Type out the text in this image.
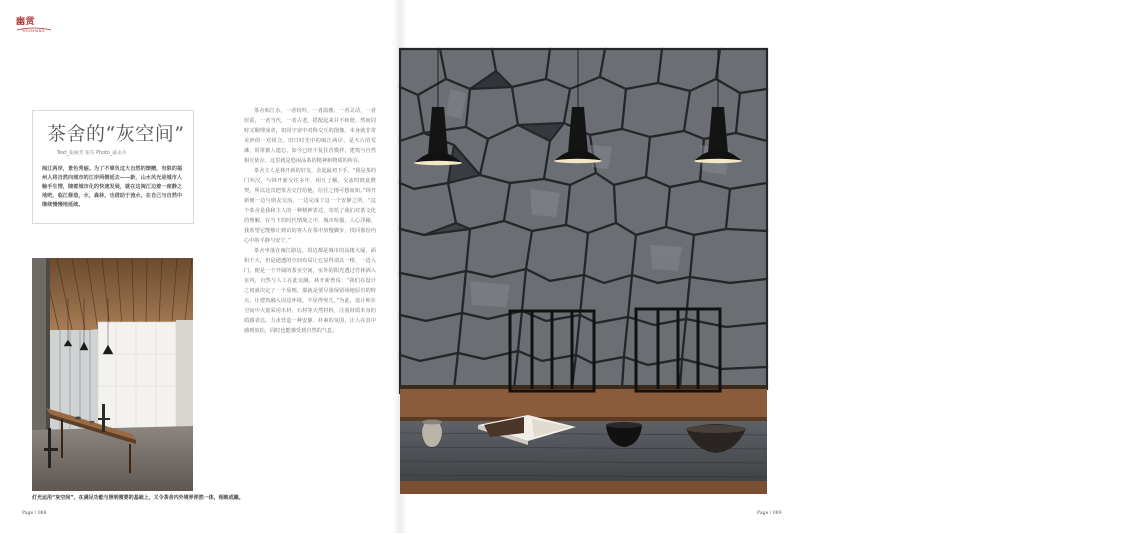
幽赏
YOUSHANG
茶舍的“灰空间”
Text_张丽芳 张芬 Photo_戚永兵
闽江两岸，景色秀丽。为了不辜负这大自然的馈赠，有限的福州人将自然向城市的江岸两侧延去——新，山水风光是城市人触手生情，随着城市化的快速发展，就在这闽江边着一座静之地吧，临江修造，水，森林，也借助于流水，在自己与自然中继续慢慢地延续。
灯光运用“灰空间”，在满足功能与照明需要的基础上，又令茶舍内外境界浑然一体，相映成趣。

茶舍和江水，一者较吟，一者温雅；一者灵动，一者厚重，一者当代，一者古老。搭配起来并不和谐，然而同时又顺理成章，如同宇宙中对称交互的图像，本身就非常美妙的一对组合。旧日时光中的闽江两岸，是大片的荒滩，时常被人遗忘，如今已经不复往昔模样，建筑与自然相互依存，这里就是悠闲品茶的精神和物质的所在。

茶舍主人是林开新的好友，念起最初下手，“我是茶的门外汉，与林开新交往多年，相互了解，交流时彼此默契，所以这次把茶舍交付给他，信任之情可想而知。”林开新便一边与朋友交流，一边完成了这一个安静之所。“这个茶舍是我和主人的一种精神表达，寄托了我们对茶文化的理解，在当下的时代情境之中，城市喧嚣，人心浮躁，我希望它能够让到访的客人在茶中放慢脚步，找回那份内心中的平静与安宁。”

茶舍坐落在闽江路边，周边都是城市的高楼大厦，面积不大，但是通透的空间布局让它显得别具一格，一进入门，便是一个开阔的茶室空间，室外的阳光透过竹林洒入室内，自然与人工在此交融。林开新曾说：“我们在设计之初就决定了一个原则，那就是要尽量保留场地原有的特点，让建筑融入周边环境，不显得突兀。”为此，设计师在空间中大量采用木材、石材等天然材料，注重材质本身的质感表达，力求营造一种安静、朴素的氛围，让人在其中感到放松，同时也能感受到自然的气息。

大青石墙面通透，这些石头的纹理与原始的质感，为空间增添了自然的力量，让人感受到时光沉淀的韵味。
Page / 088	Page / 089
